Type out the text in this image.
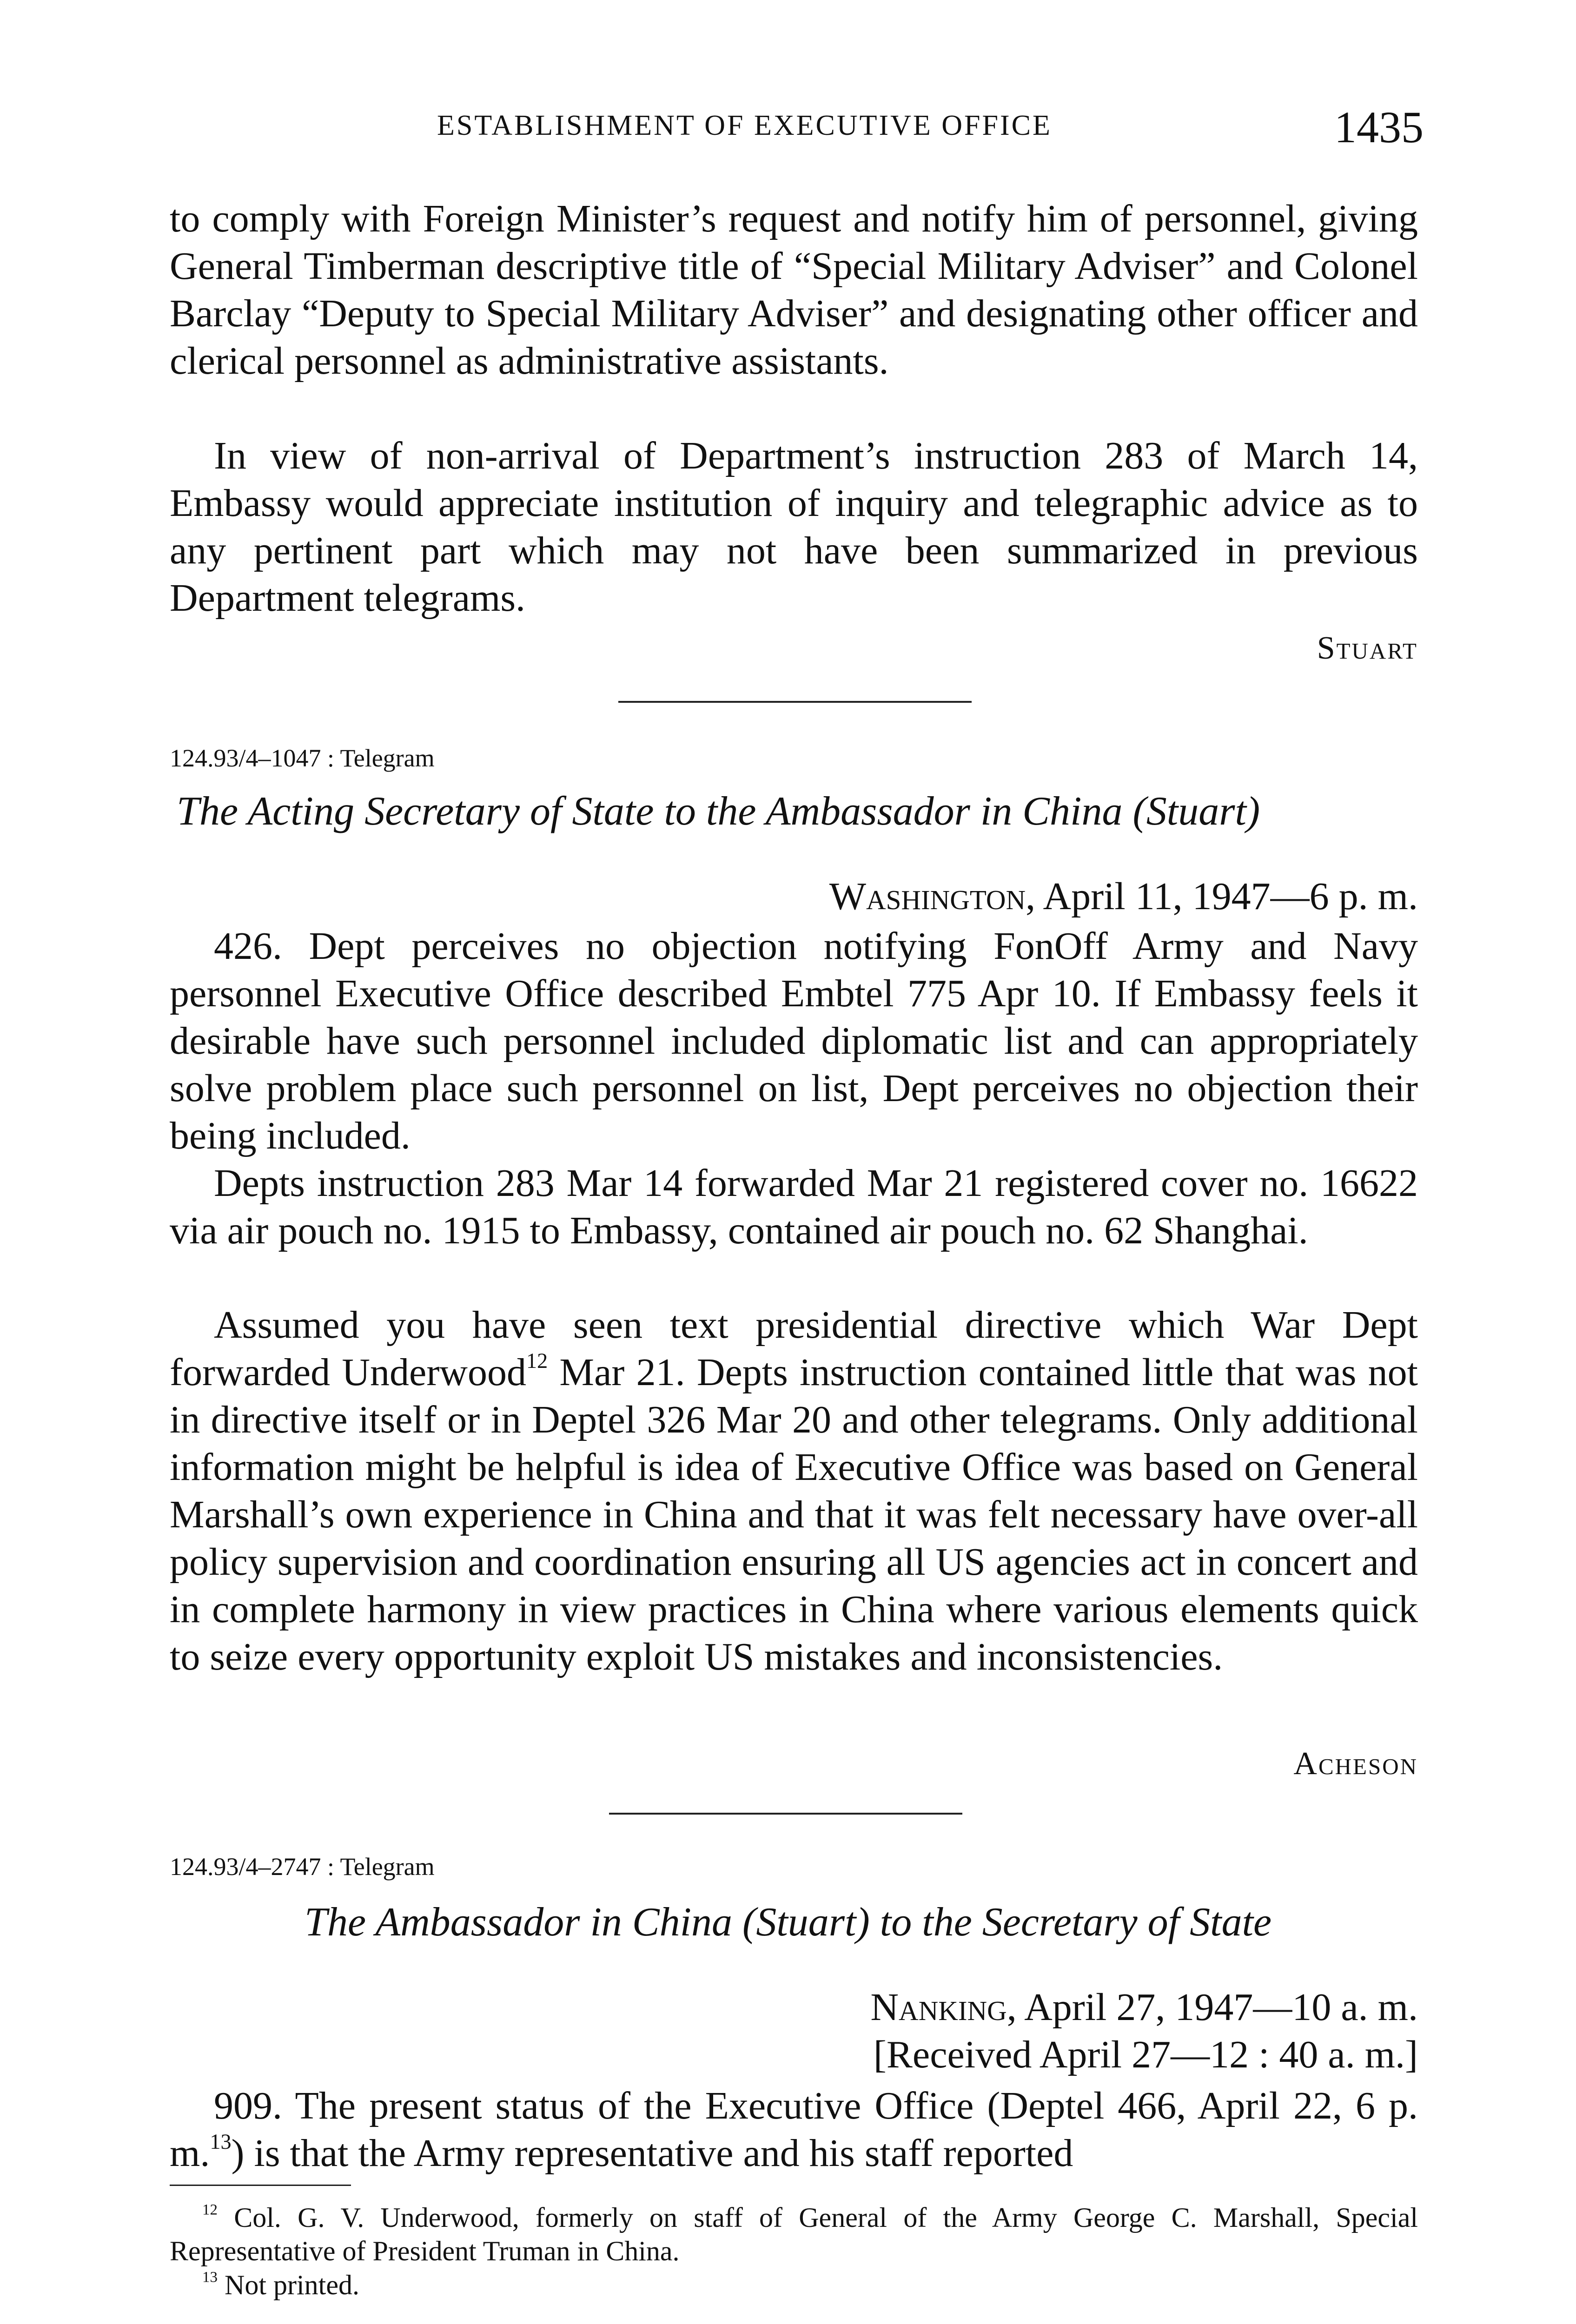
ESTABLISHMENT OF EXECUTIVE OFFICE	1435

to comply with Foreign Minister’s request and notify him of personnel, giving General Timberman descriptive title of “Special Military Adviser” and Colonel Barclay “Deputy to Special Military Adviser” and designating other officer and clerical personnel as administrative assistants.

In view of non-arrival of Department’s instruction 283 of March 14, Embassy would appreciate institution of inquiry and telegraphic advice as to any pertinent part which may not have been summarized in previous Department telegrams.

Stuart
124.93/4–1047 : Telegram
The Acting Secretary of State to the Ambassador in China (Stuart)
Washington, April 11, 1947—6 p. m.

426. Dept perceives no objection notifying FonOff Army and Navy personnel Executive Office described Embtel 775 Apr 10. If Embassy feels it desirable have such personnel included diplomatic list and can appropriately solve problem place such personnel on list, Dept perceives no objection their being included.

Depts instruction 283 Mar 14 forwarded Mar 21 registered cover no. 16622 via air pouch no. 1915 to Embassy, contained air pouch no. 62 Shanghai.

Assumed you have seen text presidential directive which War Dept forwarded Underwood$^{12}$ Mar 21. Depts instruction contained little that was not in directive itself or in Deptel 326 Mar 20 and other telegrams. Only additional information might be helpful is idea of Executive Office was based on General Marshall’s own experience in China and that it was felt necessary have over-all policy supervision and coordination ensuring all US agencies act in concert and in complete harmony in view practices in China where various elements quick to seize every opportunity exploit US mistakes and inconsistencies.

Acheson
124.93/4–2747 : Telegram
The Ambassador in China (Stuart) to the Secretary of State
Nanking, April 27, 1947—10 a. m.
[Received April 27—12 : 40 a. m.]

909. The present status of the Executive Office (Deptel 466, April 22, 6 p. m.$^{13}$) is that the Army representative and his staff reported

$^{12}$ Col. G. V. Underwood, formerly on staff of General of the Army George C. Marshall, Special Representative of President Truman in China.

$^{13}$ Not printed.
